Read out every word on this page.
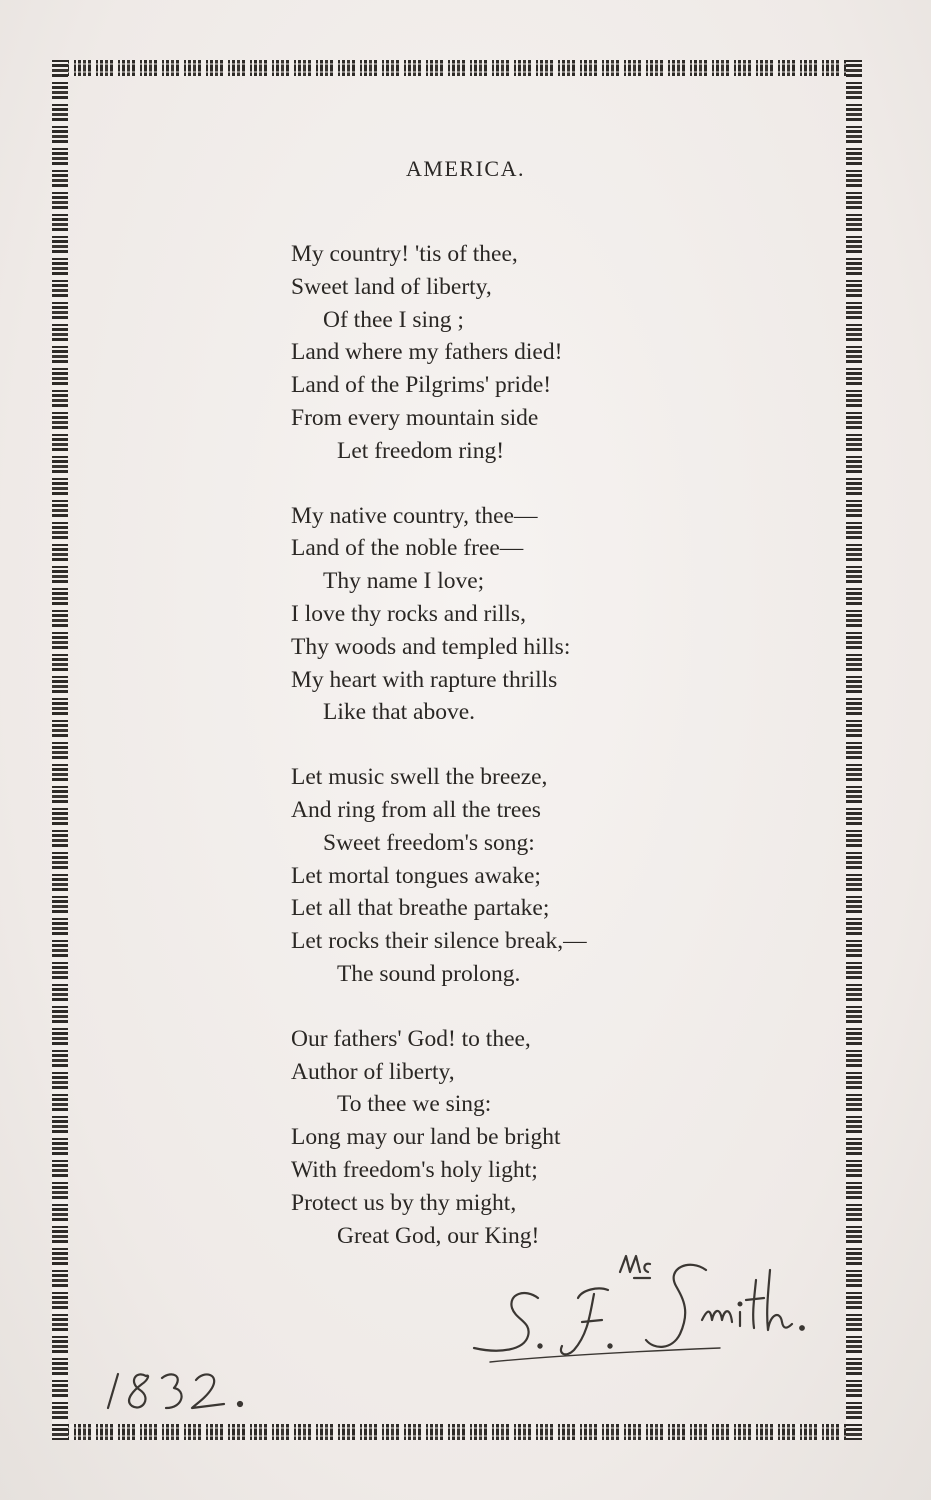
AMERICA.
My country! 'tis of thee,
Sweet land of liberty,
Of thee I sing ;
Land where my fathers died!
Land of the Pilgrims' pride!
From every mountain side
Let freedom ring!
My native country, thee—
Land of the noble free—
Thy name I love;
I love thy rocks and rills,
Thy woods and templed hills:
My heart with rapture thrills
Like that above.
Let music swell the breeze,
And ring from all the trees
Sweet freedom's song:
Let mortal tongues awake;
Let all that breathe partake;
Let rocks their silence break,—
The sound prolong.
Our fathers' God! to thee,
Author of liberty,
To thee we sing:
Long may our land be bright
With freedom's holy light;
Protect us by thy might,
Great God, our King!
